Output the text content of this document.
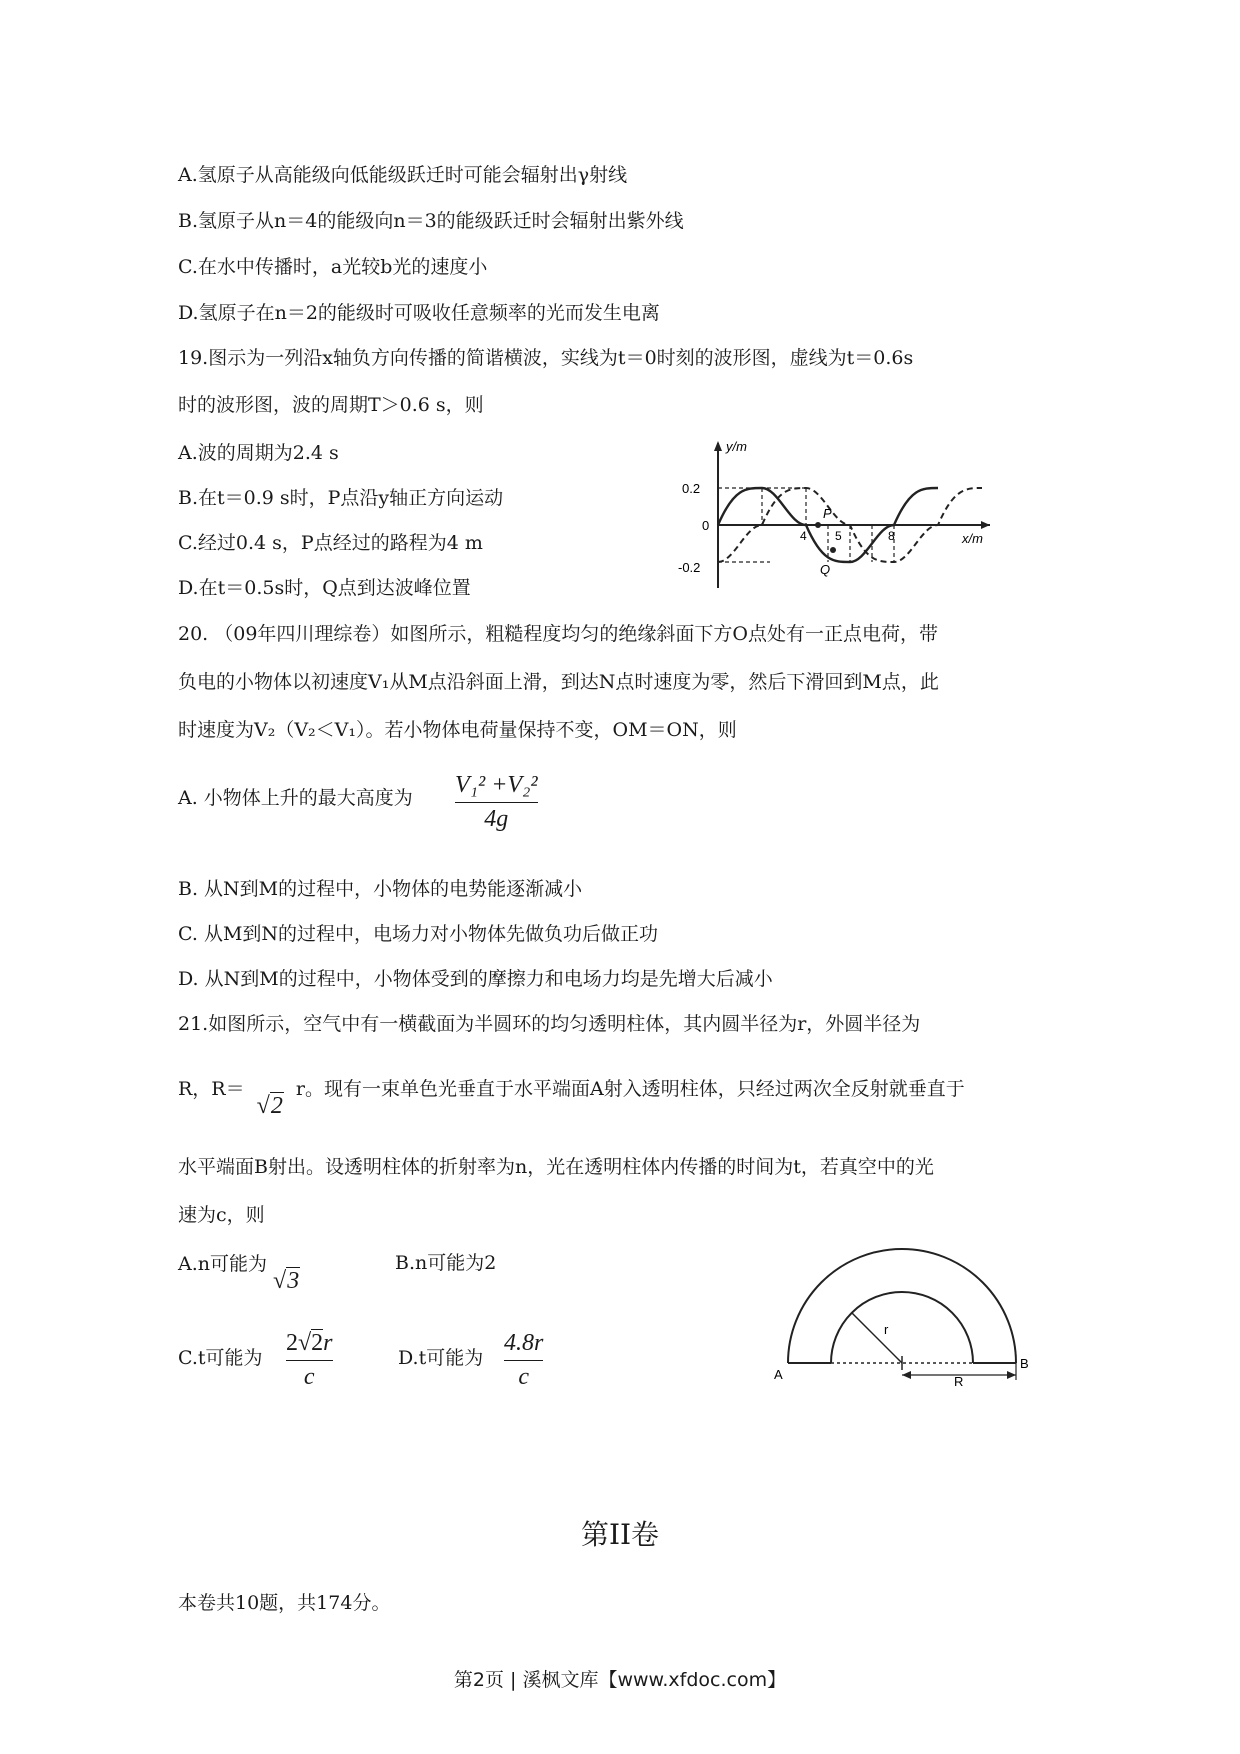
A.氢原子从高能级向低能级跃迁时可能会辐射出γ射线
B.氢原子从n＝4的能级向n＝3的能级跃迁时会辐射出紫外线
C.在水中传播时，a光较b光的速度小
D.氢原子在n＝2的能级时可吸收任意频率的光而发生电离
19.图示为一列沿x轴负方向传播的简谐横波，实线为t＝0时刻的波形图，虚线为t＝0.6s
时的波形图，波的周期T＞0.6 s，则
A.波的周期为2.4 s
B.在t＝0.9 s时，P点沿y轴正方向运动
C.经过0.4 s，P点经过的路程为4 m
D.在t＝0.5s时，Q点到达波峰位置
y/m
x/m
0.2
0
-0.2
4 5	8
P
Q
20. （09年四川理综卷）如图所示，粗糙程度均匀的绝缘斜面下方O点处有一正点电荷，带
负电的小物体以初速度V₁从M点沿斜面上滑，到达N点时速度为零，然后下滑回到M点，此
时速度为V₂（V₂＜V₁）。若小物体电荷量保持不变，OM＝ON，则
A. 小物体上升的最大高度为 V₁² +V₂²
4g
B. 从N到M的过程中，小物体的电势能逐渐减小
C. 从M到N的过程中，电场力对小物体先做负功后做正功
D. 从N到M的过程中，小物体受到的摩擦力和电场力均是先增大后减小
21.如图所示，空气中有一横截面为半圆环的均匀透明柱体，其内圆半径为r，外圆半径为
R，R＝ √2 r。现有一束单色光垂直于水平端面A射入透明柱体，只经过两次全反射就垂直于
水平端面B射出。设透明柱体的折射率为n，光在透明柱体内传播的时间为t，若真空中的光
速为c，则
A.n可能为 √3
B.n可能为2
C.t可能为
2√2r
c
D.t可能为
4.8r
c	A
B
r
R
第II卷
本卷共10题，共174分。
第2页 | 溪枫文库【www.xfdoc.com】
